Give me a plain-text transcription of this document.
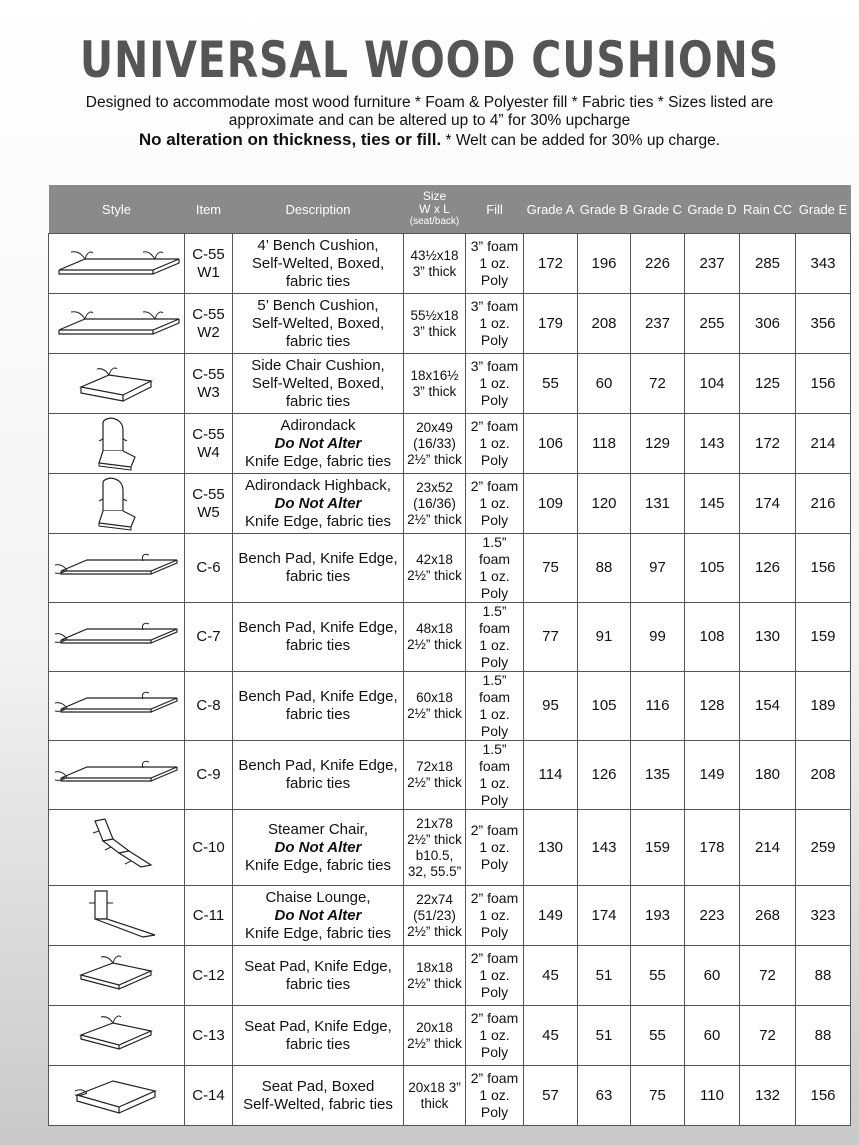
UNIVERSAL WOOD CUSHIONS
Designed to accommodate most wood furniture * Foam & Polyester fill * Fabric ties * Sizes listed are
approximate and can be altered up to 4” for 30% upcharge
No alteration on thickness, ties or fill. * Welt can be added for 30% up charge.
Style	Item	Description	Size
W x L
(seat/back)	Fill	Grade A	Grade B	Grade C	Grade D	Rain CC	Grade E

C-55
W1	4’ Bench Cushion,
Self-Welted, Boxed,
fabric ties	43½x18
3” thick	3” foam
1 oz.
Poly	172	196	226	237	285	343

C-55
W2	5’ Bench Cushion,
Self-Welted, Boxed,
fabric ties	55½x18
3” thick	3” foam
1 oz.
Poly	179	208	237	255	306	356

C-55
W3	Side Chair Cushion,
Self-Welted, Boxed,
fabric ties	18x16½
3” thick	3” foam
1 oz.
Poly	55	60	72	104	125	156

C-55
W4	Adirondack
Do Not Alter
Knife Edge, fabric ties	20x49
(16/33)
2½” thick	2” foam
1 oz.
Poly	106	118	129	143	172	214

C-55
W5	Adirondack Highback,
Do Not Alter
Knife Edge, fabric ties	23x52
(16/36)
2½” thick	2” foam
1 oz.
Poly	109	120	131	145	174	216

C-6	Bench Pad, Knife Edge,
fabric ties	42x18
2½” thick	1.5” foam
1 oz.
Poly	75	88	97	105	126	156

C-7	Bench Pad, Knife Edge,
fabric ties	48x18
2½” thick	1.5” foam
1 oz.
Poly	77	91	99	108	130	159

C-8	Bench Pad, Knife Edge,
fabric ties	60x18
2½” thick	1.5” foam
1 oz.
Poly	95	105	116	128	154	189

C-9	Bench Pad, Knife Edge,
fabric ties	72x18
2½” thick	1.5” foam
1 oz.
Poly	114	126	135	149	180	208

C-10	Steamer Chair,
Do Not Alter
Knife Edge, fabric ties	21x78
2½” thick
b10.5,
32, 55.5”	2” foam
1 oz.
Poly	130	143	159	178	214	259

C-11	Chaise Lounge,
Do Not Alter
Knife Edge, fabric ties	22x74
(51/23)
2½” thick	2” foam
1 oz.
Poly	149	174	193	223	268	323

C-12	Seat Pad, Knife Edge,
fabric ties	18x18
2½” thick	2” foam
1 oz.
Poly	45	51	55	60	72	88

C-13	Seat Pad, Knife Edge,
fabric ties	20x18
2½” thick	2” foam
1 oz.
Poly	45	51	55	60	72	88

C-14	Seat Pad, Boxed
Self-Welted, fabric ties	20x18 3”
thick	2” foam
1 oz.
Poly	57	63	75	110	132	156
